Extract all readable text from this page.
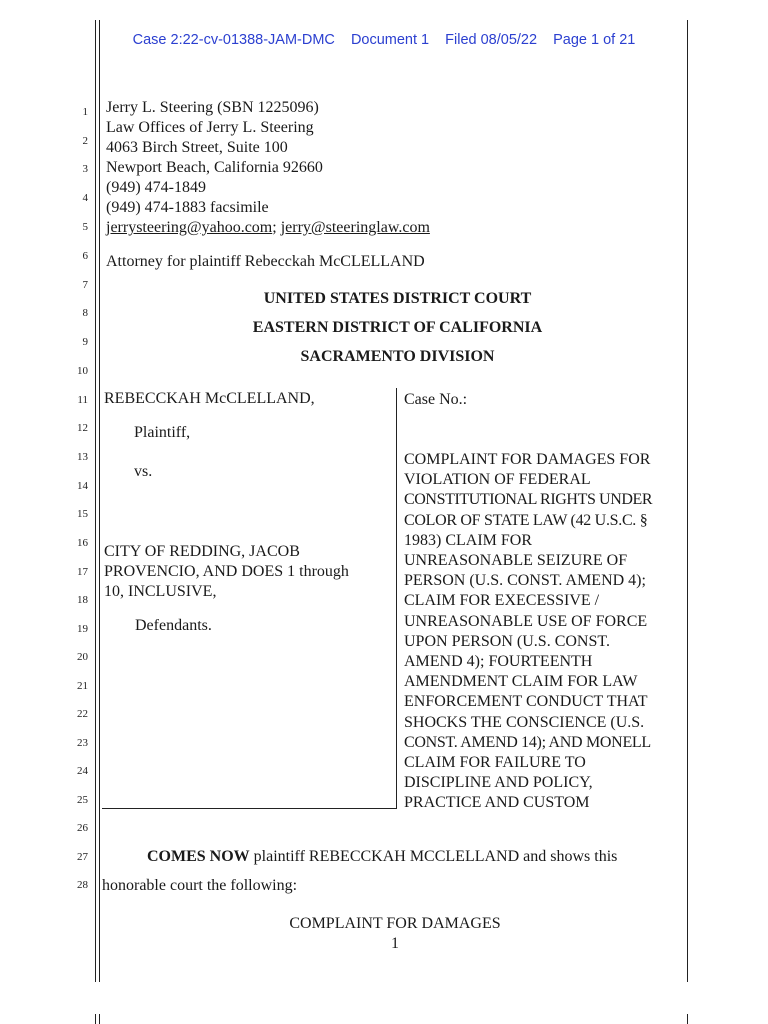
Case 2:22-cv-01388-JAM-DMC Document 1 Filed 08/05/22 Page 1 of 21
1
2
3
4
5
6
7
8
9
10
11
12
13
14
15
16
17
18
19
20
21
22
23
24
25
26
27
28
Jerry L. Steering (SBN 1225096)
Law Offices of Jerry L. Steering
4063 Birch Street, Suite 100
Newport Beach, California 92660
(949) 474-1849
(949) 474-1883 facsimile
jerrysteering@yahoo.com; jerry@steeringlaw.com
Attorney for plaintiff Rebecckah McCLELLAND
UNITED STATES DISTRICT COURT
EASTERN DISTRICT OF CALIFORNIA
SACRAMENTO DIVISION
REBECCKAH McCLELLAND,
Plaintiff,
vs.
CITY OF REDDING, JACOB
PROVENCIO, AND DOES 1 through
10, INCLUSIVE,
Defendants.
Case No.:
COMPLAINT FOR DAMAGES FOR
VIOLATION OF FEDERAL
CONSTITUTIONAL RIGHTS UNDER
COLOR OF STATE LAW (42 U.S.C. §
1983) CLAIM FOR
UNREASONABLE SEIZURE OF
PERSON (U.S. CONST. AMEND 4);
CLAIM FOR EXECESSIVE /
UNREASONABLE USE OF FORCE
UPON PERSON (U.S. CONST.
AMEND 4); FOURTEENTH
AMENDMENT CLAIM FOR LAW
ENFORCEMENT CONDUCT THAT
SHOCKS THE CONSCIENCE (U.S.
CONST. AMEND 14); AND MONELL
CLAIM FOR FAILURE TO
DISCIPLINE AND POLICY,
PRACTICE AND CUSTOM
COMES NOW plaintiff REBECCKAH MCCLELLAND and shows this
honorable court the following:
COMPLAINT FOR DAMAGES
1
